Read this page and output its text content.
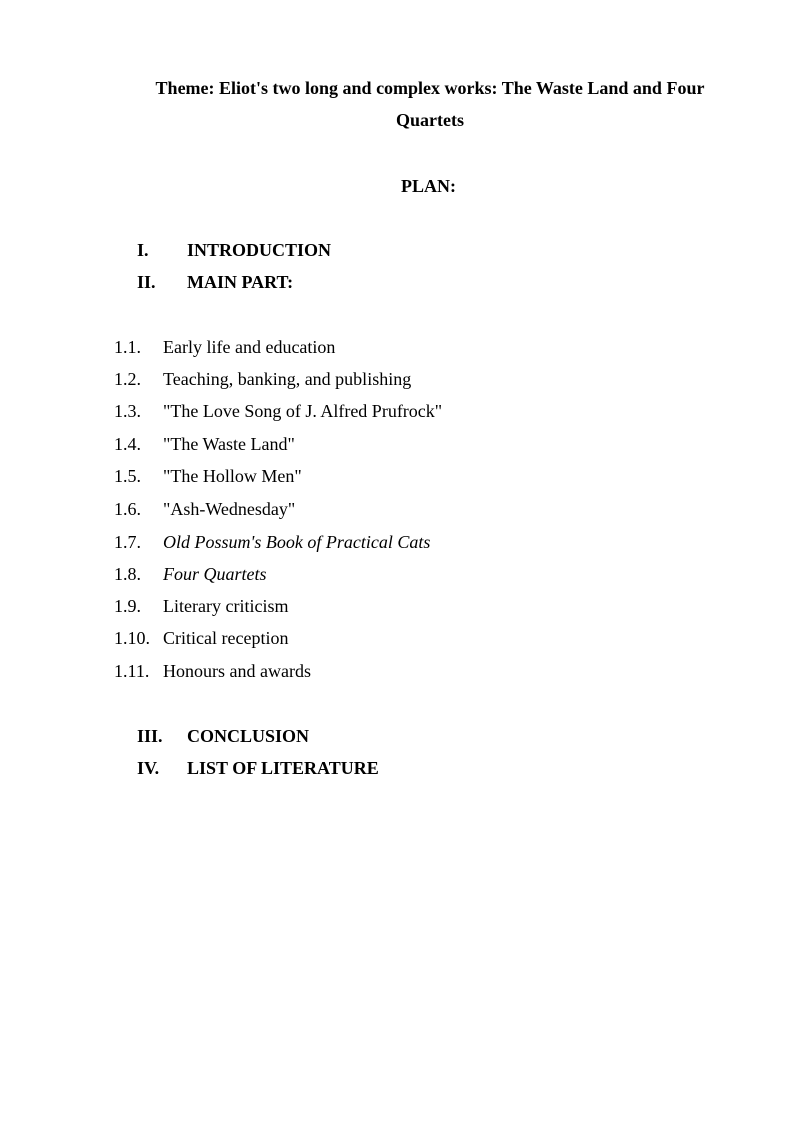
Theme: Eliot's two long and complex works: The Waste Land and Four Quartets
PLAN:
I. INTRODUCTION
II. MAIN PART:
1.1. Early life and education
1.2. Teaching, banking, and publishing
1.3. "The Love Song of J. Alfred Prufrock"
1.4. "The Waste Land"
1.5. "The Hollow Men"
1.6. "Ash-Wednesday"
1.7. Old Possum's Book of Practical Cats
1.8. Four Quartets
1.9. Literary criticism
1.10. Critical reception
1.11. Honours and awards
III. CONCLUSION
IV. LIST OF LITERATURE
